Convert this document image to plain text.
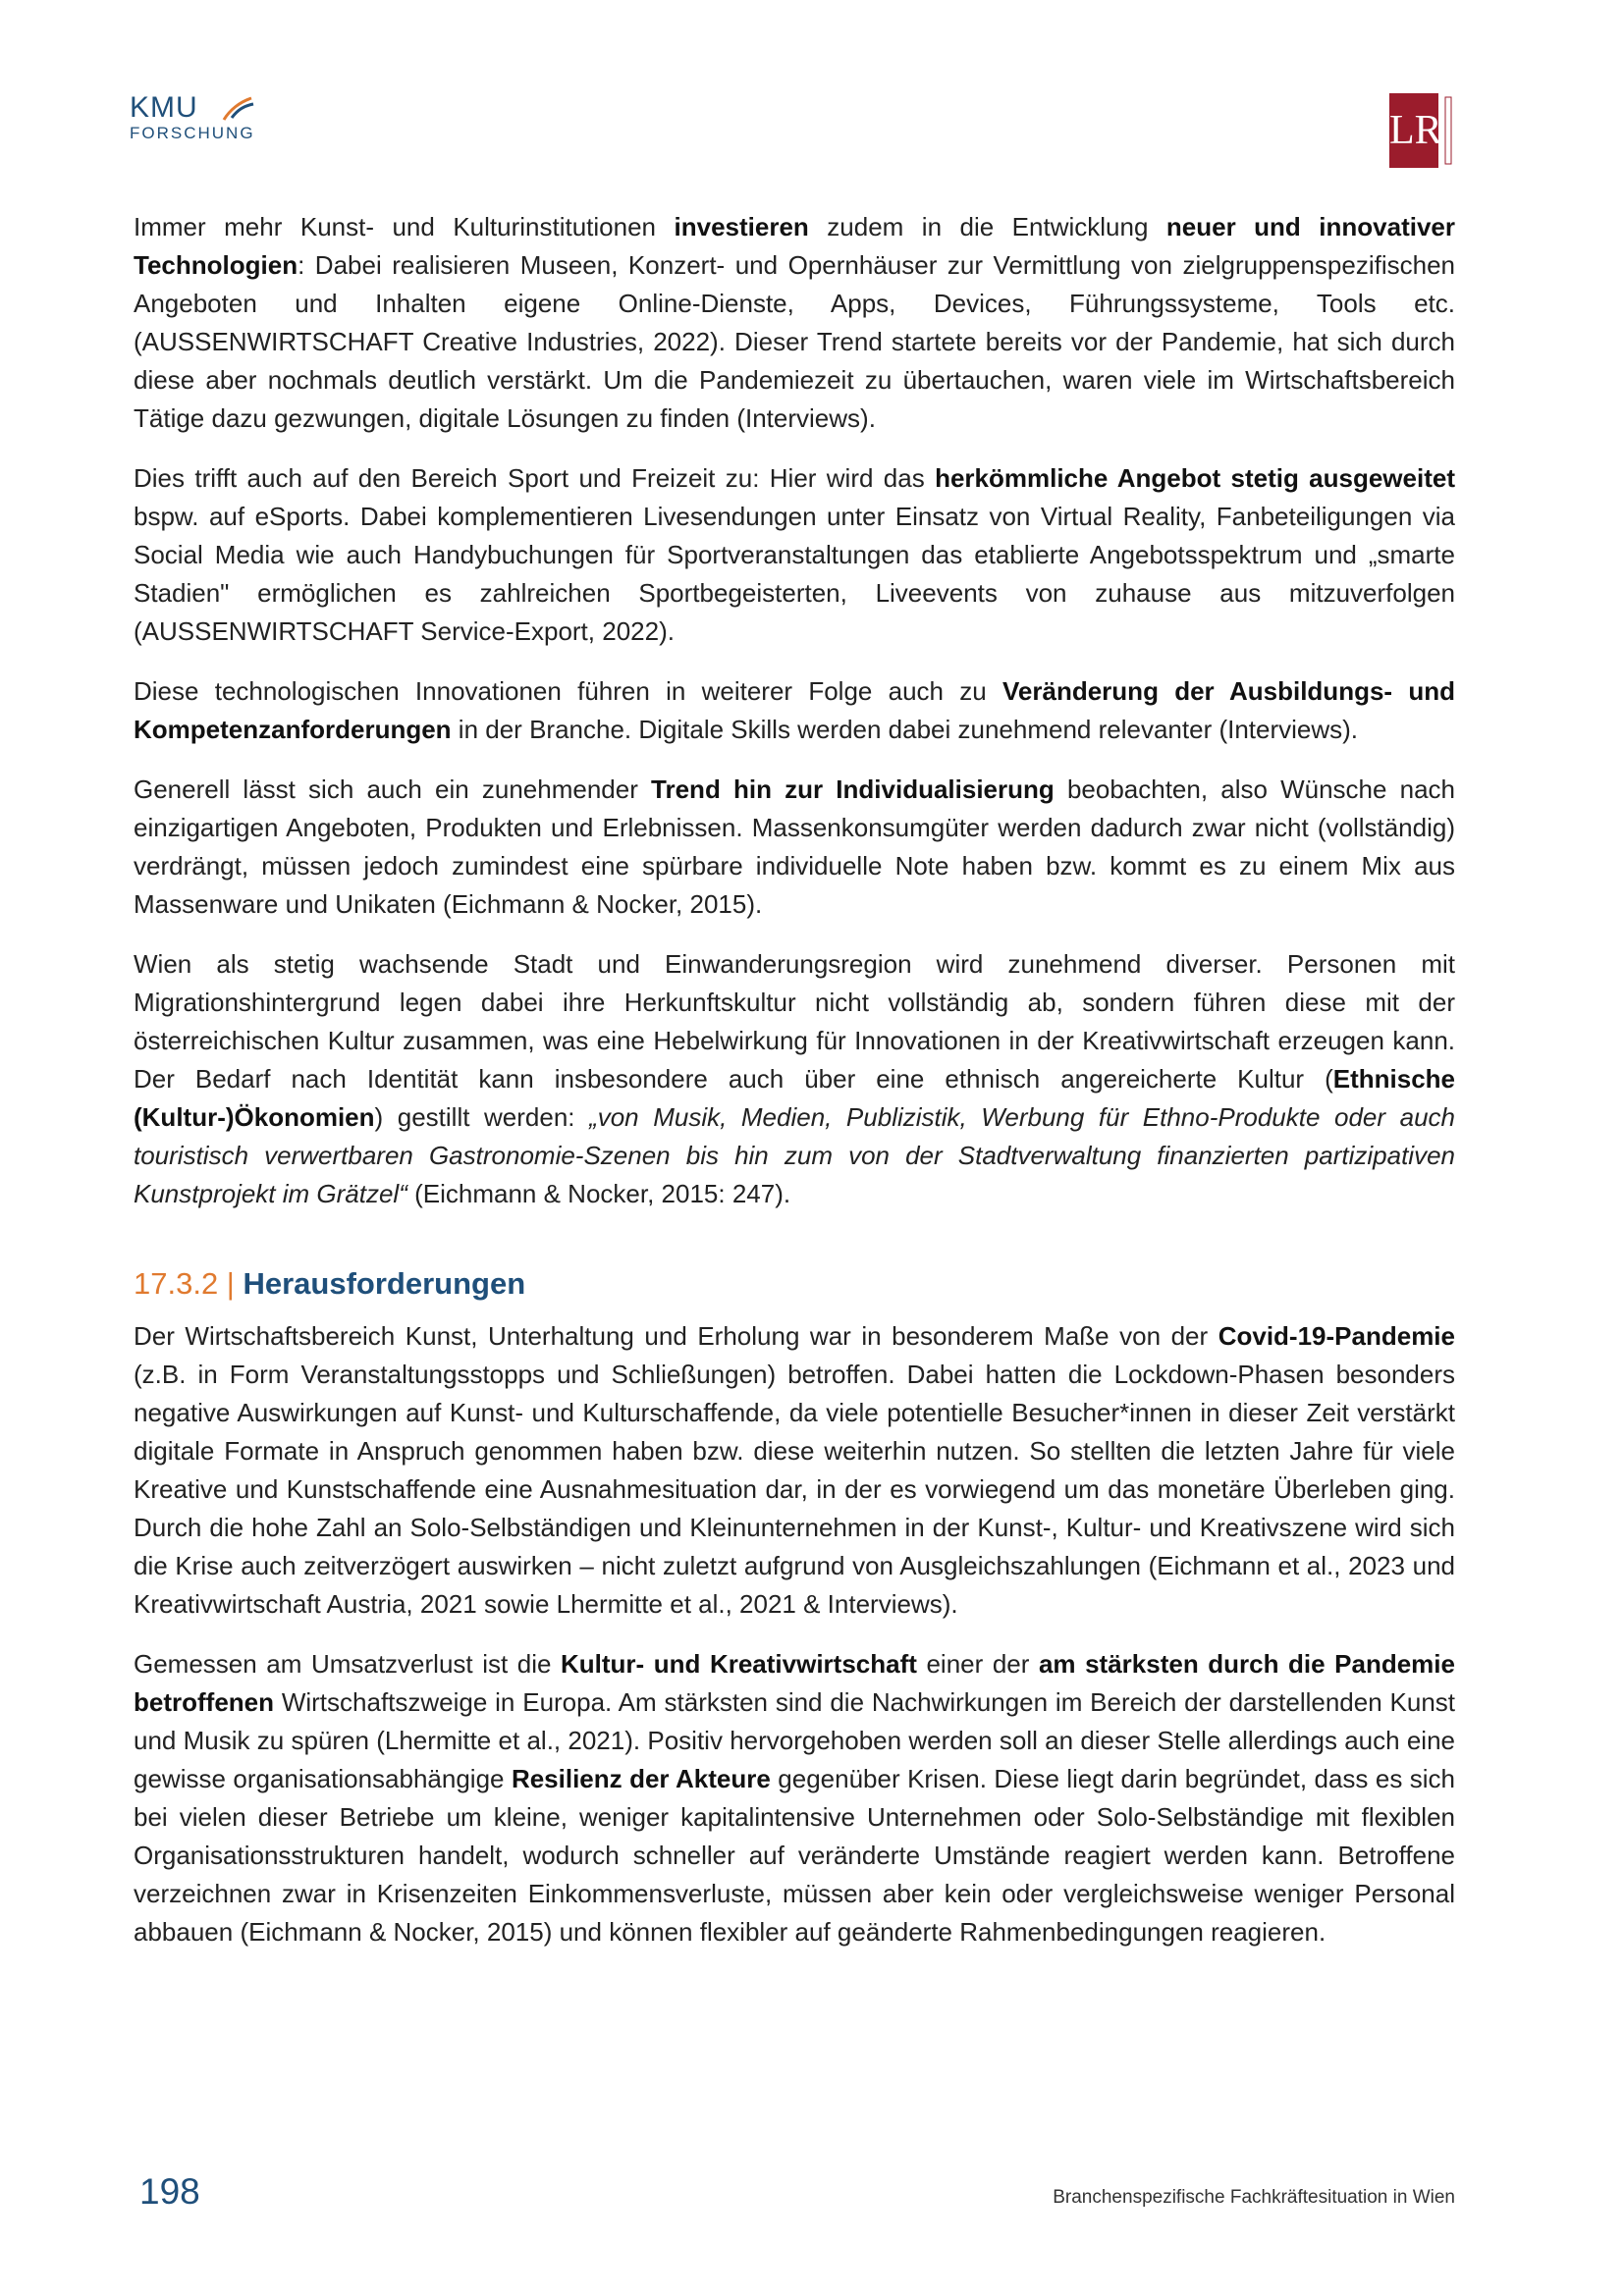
KMU
FORSCHUNG	LR

Immer mehr Kunst- und Kulturinstitutionen investieren zudem in die Entwicklung neuer und innovativer Technologien: Dabei realisieren Museen, Konzert- und Opernhäuser zur Vermittlung von zielgruppenspezifischen Angeboten und Inhalten eigene Online-Dienste, Apps, Devices, Führungssysteme, Tools etc. (AUSSENWIRTSCHAFT Creative Industries, 2022). Dieser Trend startete bereits vor der Pandemie, hat sich durch diese aber nochmals deutlich verstärkt. Um die Pandemiezeit zu übertauchen, waren viele im Wirtschaftsbereich Tätige dazu gezwungen, digitale Lösungen zu finden (Interviews).

Dies trifft auch auf den Bereich Sport und Freizeit zu: Hier wird das herkömmliche Angebot stetig ausgeweitet bspw. auf eSports. Dabei komplementieren Livesendungen unter Einsatz von Virtual Reality, Fanbeteiligungen via Social Media wie auch Handybuchungen für Sportveranstaltungen das etablierte Angebotsspektrum und „smarte Stadien" ermöglichen es zahlreichen Sportbegeisterten, Liveevents von zuhause aus mitzuverfolgen (AUSSENWIRTSCHAFT Service-Export, 2022).

Diese technologischen Innovationen führen in weiterer Folge auch zu Veränderung der Ausbildungs- und Kompetenzanforderungen in der Branche. Digitale Skills werden dabei zunehmend relevanter (Interviews).

Generell lässt sich auch ein zunehmender Trend hin zur Individualisierung beobachten, also Wünsche nach einzigartigen Angeboten, Produkten und Erlebnissen. Massenkonsumgüter werden dadurch zwar nicht (vollständig) verdrängt, müssen jedoch zumindest eine spürbare individuelle Note haben bzw. kommt es zu einem Mix aus Massenware und Unikaten (Eichmann & Nocker, 2015).

Wien als stetig wachsende Stadt und Einwanderungsregion wird zunehmend diverser. Personen mit Migrationshintergrund legen dabei ihre Herkunftskultur nicht vollständig ab, sondern führen diese mit der österreichischen Kultur zusammen, was eine Hebelwirkung für Innovationen in der Kreativwirtschaft erzeugen kann. Der Bedarf nach Identität kann insbesondere auch über eine ethnisch angereicherte Kultur (Ethnische (Kultur-)Ökonomien) gestillt werden: „von Musik, Medien, Publizistik, Werbung für Ethno-Produkte oder auch touristisch verwertbaren Gastronomie-Szenen bis hin zum von der Stadtverwaltung finanzierten partizipativen Kunstprojekt im Grätzel“ (Eichmann & Nocker, 2015: 247).

17.3.2 | Herausforderungen

Der Wirtschaftsbereich Kunst, Unterhaltung und Erholung war in besonderem Maße von der Covid-19-Pandemie (z.B. in Form Veranstaltungsstopps und Schließungen) betroffen. Dabei hatten die Lockdown-Phasen besonders negative Auswirkungen auf Kunst- und Kulturschaffende, da viele potentielle Besucher*innen in dieser Zeit verstärkt digitale Formate in Anspruch genommen haben bzw. diese weiterhin nutzen. So stellten die letzten Jahre für viele Kreative und Kunstschaffende eine Ausnahmesituation dar, in der es vorwiegend um das monetäre Überleben ging. Durch die hohe Zahl an Solo-Selbständigen und Kleinunternehmen in der Kunst-, Kultur- und Kreativszene wird sich die Krise auch zeitverzögert auswirken – nicht zuletzt aufgrund von Ausgleichszahlungen (Eichmann et al., 2023 und Kreativwirtschaft Austria, 2021 sowie Lhermitte et al., 2021 & Interviews).

Gemessen am Umsatzverlust ist die Kultur- und Kreativwirtschaft einer der am stärksten durch die Pandemie betroffenen Wirtschaftszweige in Europa. Am stärksten sind die Nachwirkungen im Bereich der darstellenden Kunst und Musik zu spüren (Lhermitte et al., 2021). Positiv hervorgehoben werden soll an dieser Stelle allerdings auch eine gewisse organisationsabhängige Resilienz der Akteure gegenüber Krisen. Diese liegt darin begründet, dass es sich bei vielen dieser Betriebe um kleine, weniger kapitalintensive Unternehmen oder Solo-Selbständige mit flexiblen Organisationsstrukturen handelt, wodurch schneller auf veränderte Umstände reagiert werden kann. Betroffene verzeichnen zwar in Krisenzeiten Einkommensverluste, müssen aber kein oder vergleichsweise weniger Personal abbauen (Eichmann & Nocker, 2015) und können flexibler auf geänderte Rahmenbedingungen reagieren.

198	Branchenspezifische Fachkräftesituation in Wien
